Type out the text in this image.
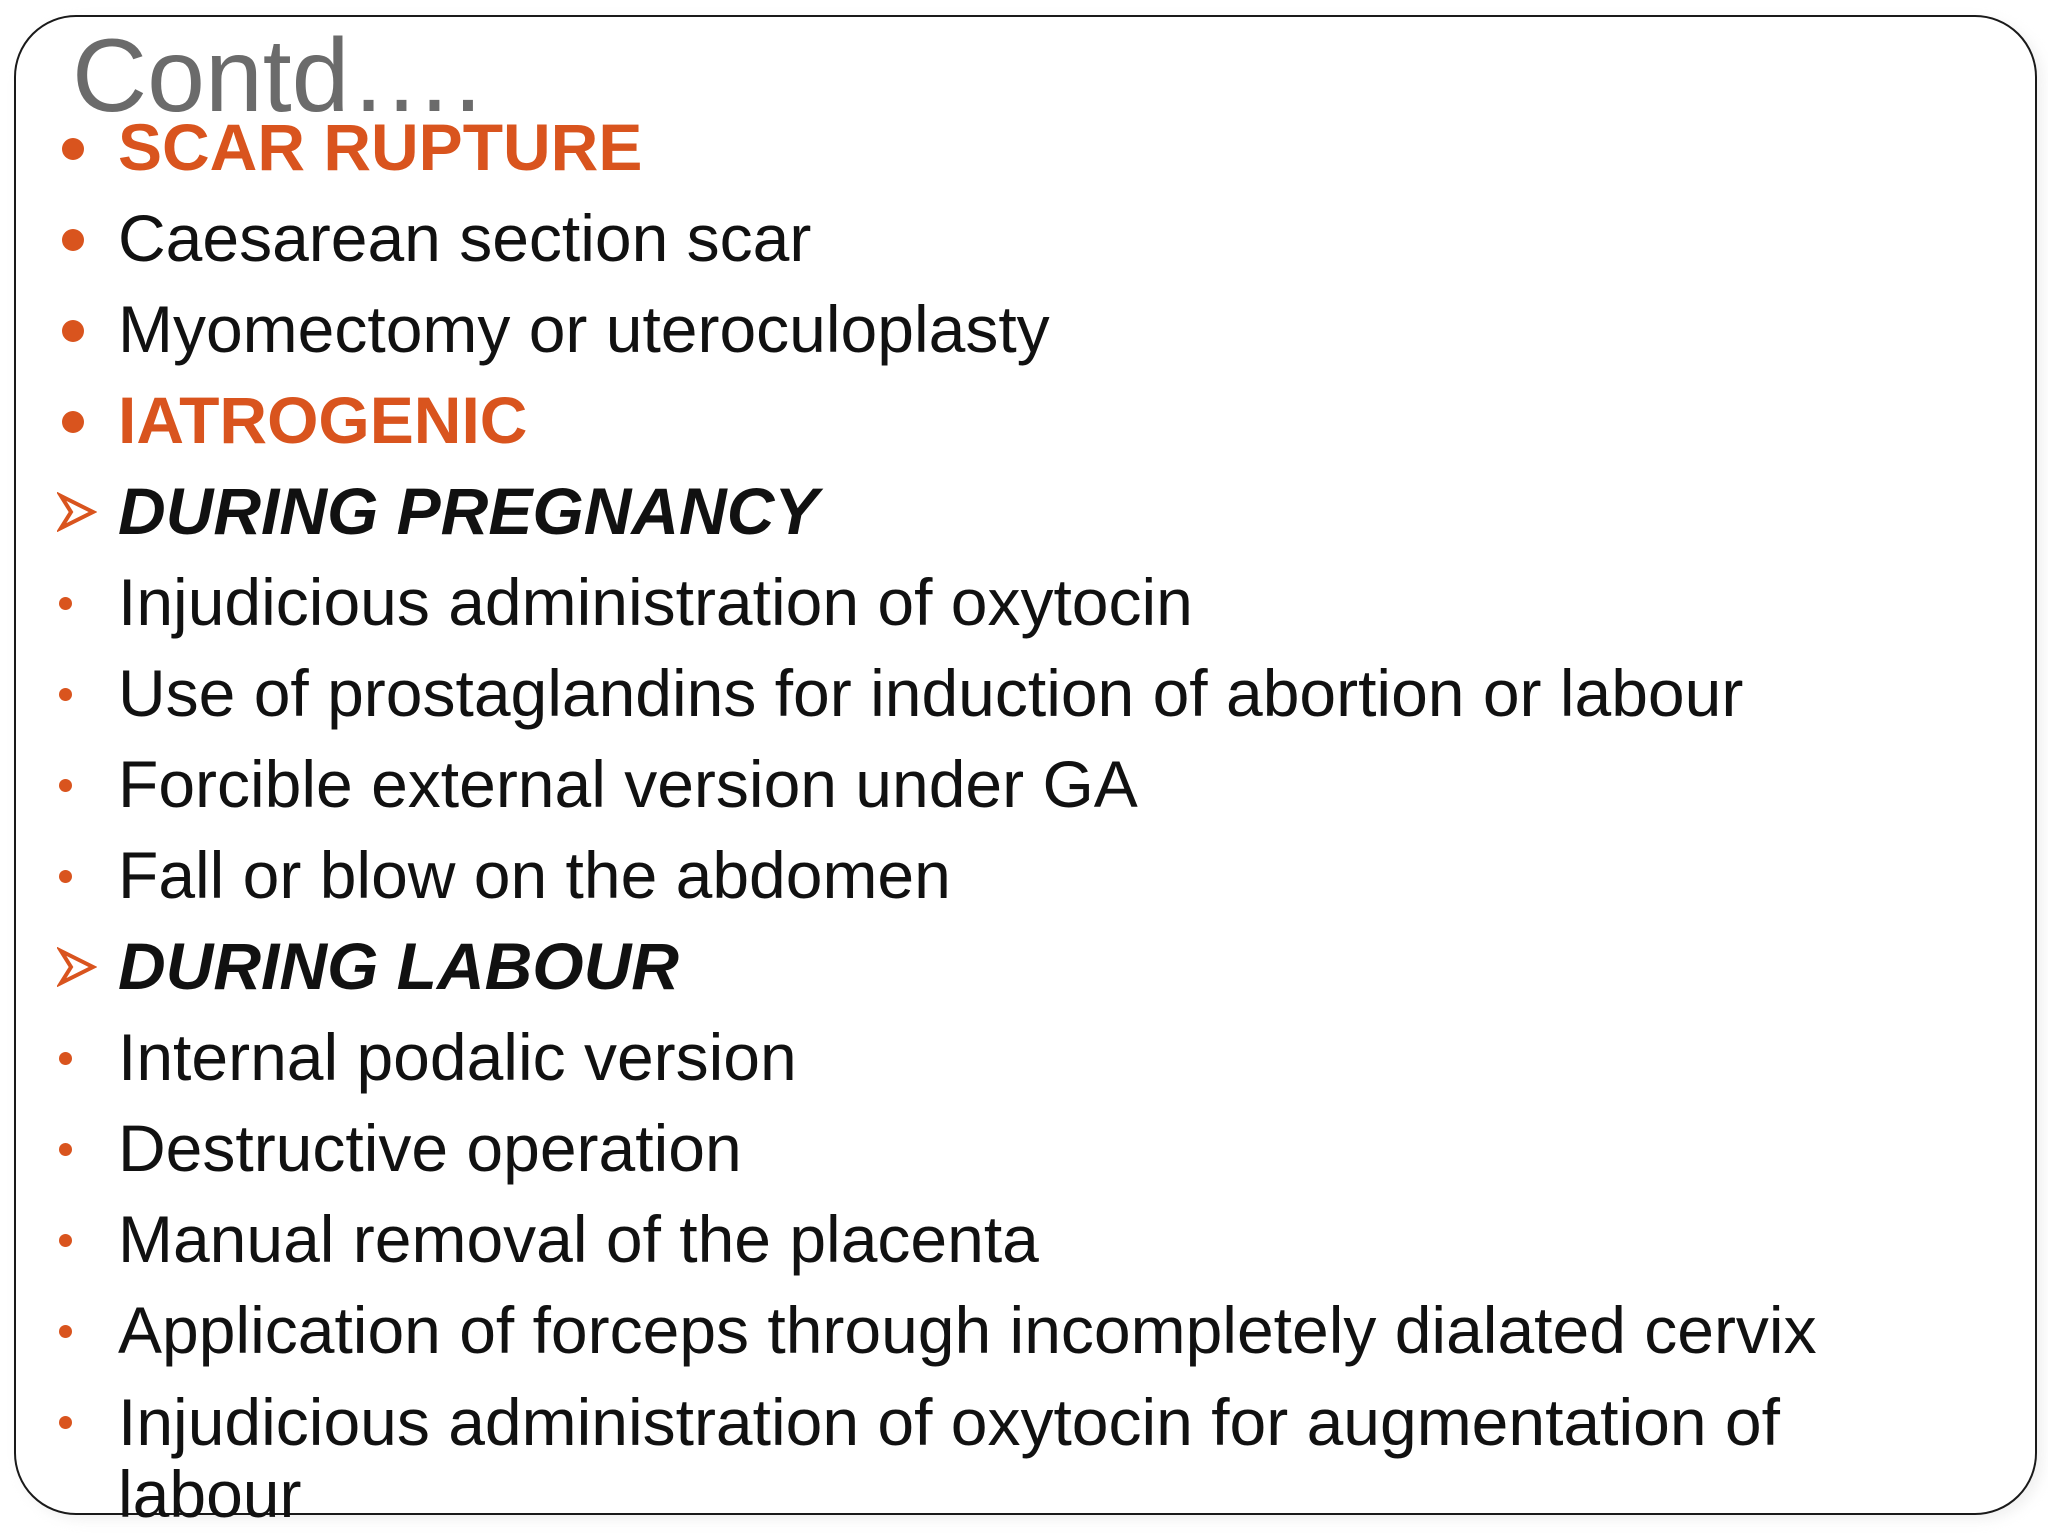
Contd….
SCAR RUPTURE
Caesarean section scar
Myomectomy or uteroculoplasty
IATROGENIC
DURING PREGNANCY
Injudicious administration of oxytocin
Use of prostaglandins for induction of abortion or labour
Forcible external version under GA
Fall or blow on the abdomen
DURING LABOUR
Internal podalic version
Destructive operation
Manual removal of the placenta
Application of forceps through incompletely dialated cervix
Injudicious administration of oxytocin for augmentation of labour
